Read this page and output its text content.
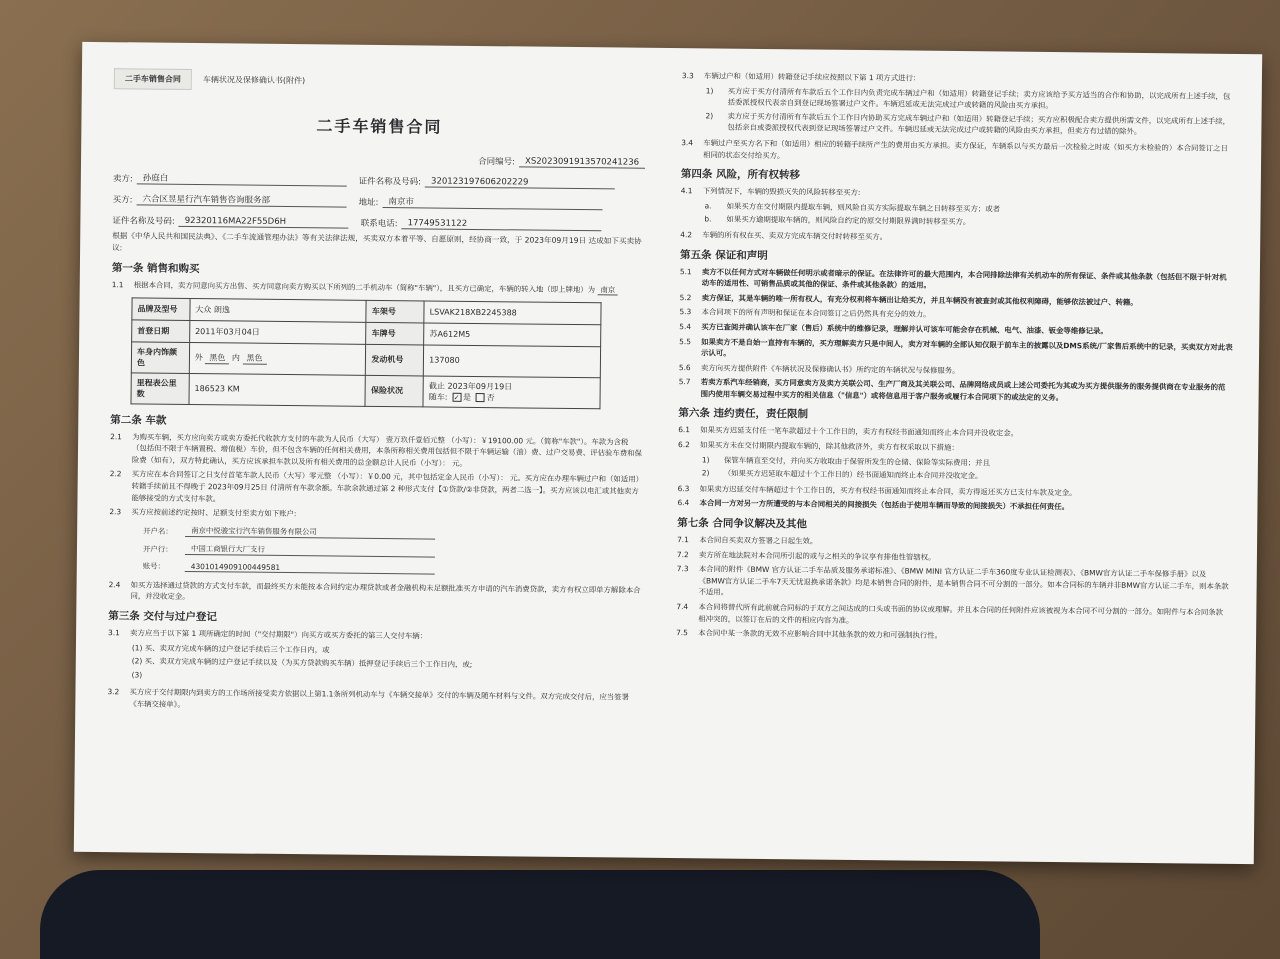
二手车销售合同	车辆状况及保修确认书(附件)
二手车销售合同
合同编号:	XS2023091913570241236
卖方:	孙庭白	证件名称及号码:	320123197606202229
买方:	六合区昱星行汽车销售咨询服务部	地址:	南京市
证件名称及号码:	92320116MA22F55D6H	联系电话:	17749531122

根据《中华人民共和国民法典》、《二手车流通管理办法》等有关法律法规，买卖双方本着平等、自愿原则，经协商一致，于 2023年09月19日 达成如下买卖协议:

第一条 销售和购买
1.1	根据本合同，卖方同意向买方出售、买方同意向卖方购买以下所列的二手机动车（简称"车辆"），且买方已确定，车辆的转入地（即上牌地）为 南京
品牌及型号	大众 朗逸	车架号	LSVAK218XB2245388
首登日期	2011年03月04日	车牌号	苏A612M5
车身内饰颜色	外 黑色 内 黑色	发动机号	137080
里程表公里数	186523 KM	保险状况	截止 2023年09月19日
随车: ✓ 是 否
第二条 车款
2.1	为购买车辆，买方应向卖方或卖方委托代收款方支付的车款为人民币（大写） 壹万玖仟壹佰元整 （小写）：￥19100.00 元。（简称"车款"）。车款为含税（包括但不限于车辆置税、增值税）车价，但不包含车辆的任何相关费用，本条所称相关费用包括但不限于车辆运输（油）费、过户交易费、评估验车费和保险费（如有），双方特此确认，买方应该承担车款以及所有相关费用的总金额总计人民币（小写）： 元。
2.2	买方应在本合同签订之日支付首笔车款人民币（大写）零元整 （小写）：￥0.00 元，其中包括定金人民币（小写）： 元。买方应在办理车辆过户和（如适用）转籍手续前且不得晚于 2023年09月25日 付清所有车款余额。车款余款通过第 2 种形式支付【①贷款/②非贷款，两者二选一】。买方应该以电汇或其他卖方能够接受的方式支付车款。
2.3	买方应按前述约定按时、足额支付至卖方如下账户:
开户名：	南京中悦骏宝行汽车销售服务有限公司
开户行：	中国工商银行大厂支行
账号：	4301014909100449581
2.4	如买方选择通过贷款的方式支付车款，而最终买方未能按本合同约定办理贷款或者金融机构未足额批准买方申请的汽车消费贷款，卖方有权立即单方解除本合同，并没收定金。
第三条 交付与过户登记
3.1	卖方应当于以下第 1 项所确定的时间（"交付期限"）向买方或买方委托的第三人交付车辆：
(1) 买、卖双方完成车辆的过户登记手续后三个工作日内，或
(2) 买、卖双方完成车辆的过户登记手续以及（为买方贷款购买车辆）抵押登记手续后三个工作日内，或;
(3)
3.2	买方应于交付期限内到卖方的工作场所接受卖方依据以上第1.1条所列机动车与《车辆交接单》交付的车辆及随车材料与文件。双方完成交付后，应当签署《车辆交接单》。
3.3	车辆过户和（如适用）转籍登记手续应按照以下第 1 项方式进行：
1)	买方应于买方付清所有车款后五个工作日内负责完成车辆过户和（如适用）转籍登记手续；卖方应该给予买方适当的合作和协助，以完成所有上述手续，包括委派授权代表亲自到登记现场签署过户文件。车辆迟延或无法完成过户或转籍的风险由买方承担。
2)	卖方应于买方付清所有车款后五个工作日内协助买方完成车辆过户和（如适用）转籍登记手续；买方应积极配合卖方提供所需文件，以完成所有上述手续，包括亲自或委派授权代表到登记现场签署过户文件。车辆迟延或无法完成过户或转籍的风险由买方承担，但卖方有过错的除外。
3.4	车辆过户至买方名下和（如适用）相应的转籍手续所产生的费用由买方承担。卖方保证，车辆系以与买方最后一次检验之时或（如买方未检验的）本合同签订之日相同的状态交付给买方。
第四条 风险，所有权转移
4.1	下列情况下，车辆的毁损灭失的风险转移至买方:
a.	如果买方在交付期限内提取车辆，则风险自买方实际提取车辆之日转移至买方；或者
b.	如果买方逾期提取车辆的，则风险自约定的原交付期限界满时转移至买方。
4.2	车辆的所有权在买、卖双方完成车辆交付时转移至买方。
第五条 保证和声明
5.1	卖方不以任何方式对车辆做任何明示或者暗示的保证。在法律许可的最大范围内，本合同排除法律有关机动车的所有保证、条件或其他条款（包括但不限于针对机动车的适用性、可销售品质或其他的保证、条件或其他条款）的适用。
5.2	卖方保证，其是车辆的唯一所有权人，有充分权利将车辆出让给买方，并且车辆没有被查封或其他权利障碍，能够依法被过户、转籍。
5.3	本合同项下的所有声明和保证在本合同签订之后仍然具有充分的效力。
5.4	买方已查阅并确认该车在厂家（售后）系统中的维修记录，理解并认可该车可能会存在机械、电气、油漆、钣金等维修记录。
5.5	如果卖方不是自始一直持有车辆的，买方理解卖方只是中间人，卖方对车辆的全部认知仅限于前车主的披露以及DMS系统/厂家售后系统中的记录，买卖双方对此表示认可。
5.6	卖方向买方提供附件《车辆状况及保修确认书》所约定的车辆状况与保修服务。
5.7	若卖方系汽车经销商，买方同意卖方及卖方关联公司、生产厂商及其关联公司、品牌网络成员或上述公司委托为其或为买方提供服务的服务提供商在专业服务的范围内使用车辆交易过程中买方的相关信息（"信息"）或将信息用于客户服务或履行本合同项下的或法定的义务。
第六条 违约责任，责任限制
6.1	如果买方迟延支付任一笔车款超过十个工作日的，卖方有权经书面通知而终止本合同并没收定金。
6.2	如果买方未在交付期限内提取车辆的，除其他救济外，卖方有权采取以下措施：
1)	保管车辆直至交付，并向买方收取由于保管所发生的仓储、保险等实际费用；并且
2)	（如果买方迟延取车超过十个工作日的）经书面通知而终止本合同并没收定金。
6.3	如果卖方迟延交付车辆超过十个工作日的，买方有权经书面通知而终止本合同，卖方得返还买方已支付车款及定金。
6.4	本合同一方对另一方所遭受的与本合同相关的间接损失（包括由于使用车辆而导致的间接损失）不承担任何责任。
第七条 合同争议解决及其他
7.1	本合同自买卖双方签署之日起生效。
7.2	卖方所在地法院对本合同所引起的或与之相关的争议享有排他性管辖权。
7.3	本合同的附件《BMW 官方认证二手车品质及服务承诺标准》、《BMW MINI 官方认证二手车360度专业认证检测表》、《BMW官方认证二手车保修手册》以及《BMW官方认证二手车7天无忧退换承诺条款》均是本销售合同的附件，是本销售合同不可分割的一部分。如本合同标的车辆并非BMW官方认证二手车，则本条款不适用。
7.4	本合同将替代所有此前就合同标的于双方之间达成的口头或书面的协议或理解。并且本合同的任何附件应该被视为本合同不可分割的一部分。如附件与本合同条款相冲突的，以签订在后的文件的相应内容为准。
7.5	本合同中某一条款的无效不应影响合同中其他条款的效力和可强制执行性。
